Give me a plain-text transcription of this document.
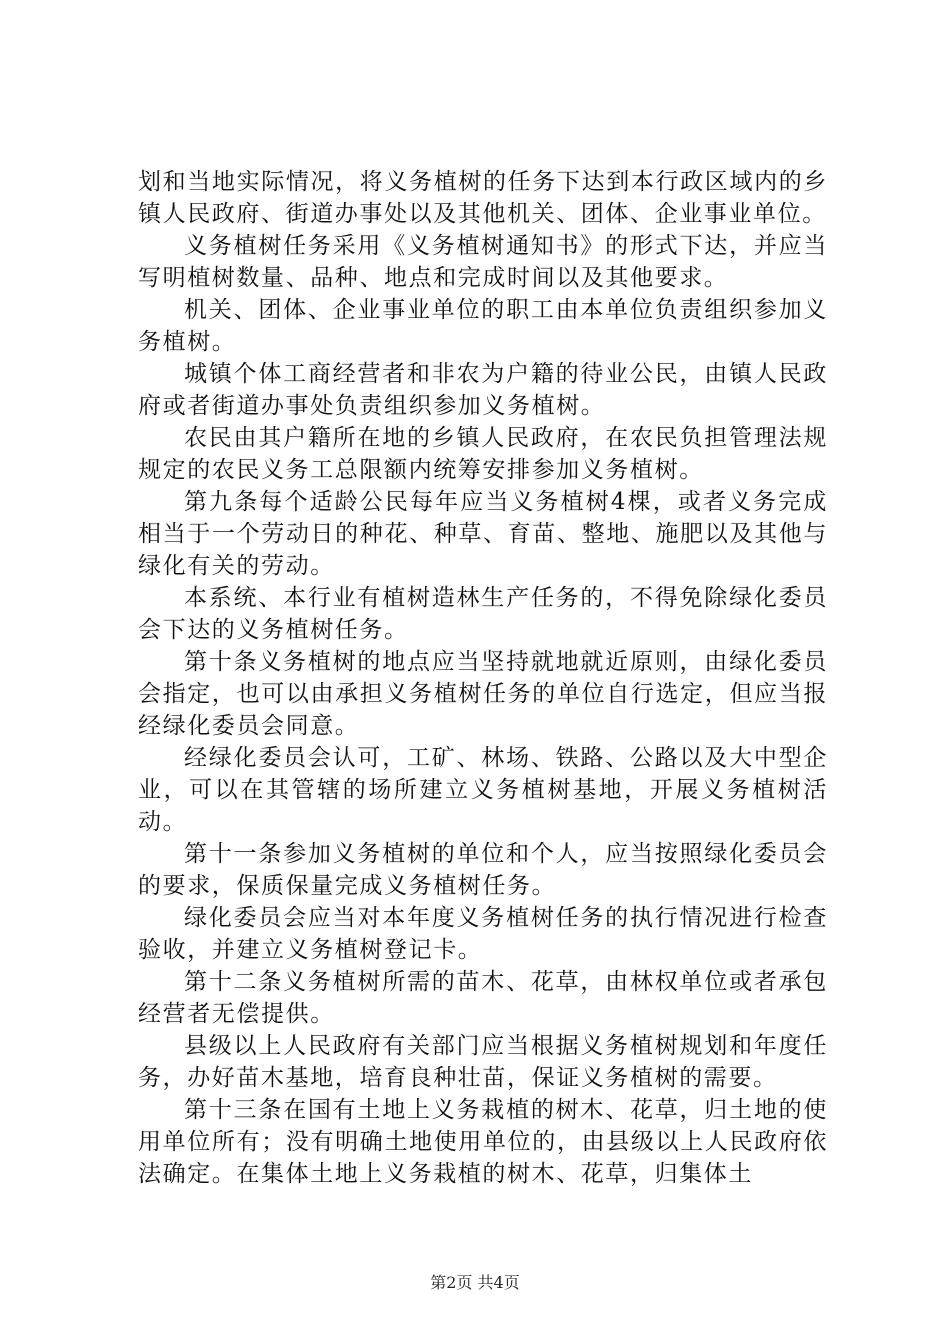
划和当地实际情况，将义务植树的任务下达到本行政区域内的乡镇人民政府、街道办事处以及其他机关、团体、企业事业单位。

义务植树任务采用《义务植树通知书》的形式下达，并应当写明植树数量、品种、地点和完成时间以及其他要求。

机关、团体、企业事业单位的职工由本单位负责组织参加义务植树。

城镇个体工商经营者和非农为户籍的待业公民，由镇人民政府或者街道办事处负责组织参加义务植树。

农民由其户籍所在地的乡镇人民政府，在农民负担管理法规规定的农民义务工总限额内统筹安排参加义务植树。

第九条每个适龄公民每年应当义务植树4棵，或者义务完成相当于一个劳动日的种花、种草、育苗、整地、施肥以及其他与绿化有关的劳动。

本系统、本行业有植树造林生产任务的，不得免除绿化委员会下达的义务植树任务。

第十条义务植树的地点应当坚持就地就近原则，由绿化委员会指定，也可以由承担义务植树任务的单位自行选定，但应当报经绿化委员会同意。

经绿化委员会认可，工矿、林场、铁路、公路以及大中型企业，可以在其管辖的场所建立义务植树基地，开展义务植树活动。

第十一条参加义务植树的单位和个人，应当按照绿化委员会的要求，保质保量完成义务植树任务。

绿化委员会应当对本年度义务植树任务的执行情况进行检查验收，并建立义务植树登记卡。

第十二条义务植树所需的苗木、花草，由林权单位或者承包经营者无偿提供。

县级以上人民政府有关部门应当根据义务植树规划和年度任务，办好苗木基地，培育良种壮苗，保证义务植树的需要。

第十三条在国有土地上义务栽植的树木、花草，归土地的使用单位所有；没有明确土地使用单位的，由县级以上人民政府依法确定。在集体土地上义务栽植的树木、花草，归集体土

第2页 共4页
